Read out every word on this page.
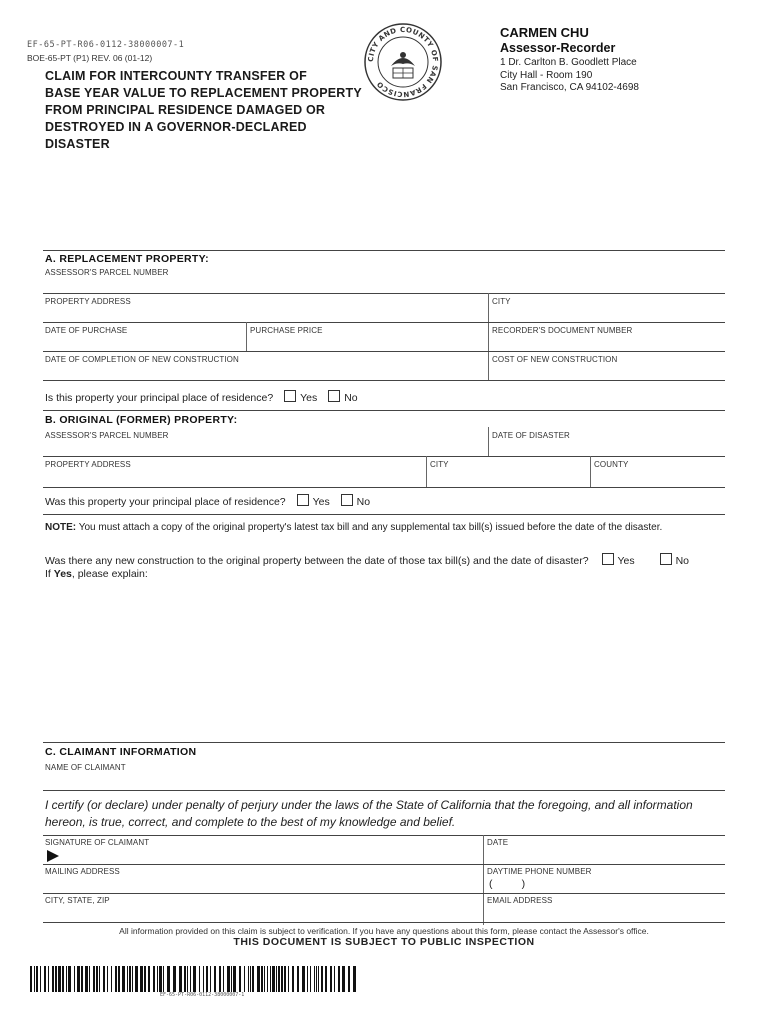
EF-65-PT-R06-0112-38000007-1
BOE-65-PT (P1) REV. 06 (01-12)
CLAIM FOR INTERCOUNTY TRANSFER OF
BASE YEAR VALUE TO REPLACEMENT PROPERTY
FROM PRINCIPAL RESIDENCE DAMAGED OR
DESTROYED IN A GOVERNOR-DECLARED
DISASTER
CITY AND COUNTY OF SAN FRANCISCO
CARMEN CHU
Assessor-Recorder
1 Dr. Carlton B. Goodlett Place
City Hall - Room 190
San Francisco, CA 94102-4698
A. REPLACEMENT PROPERTY:
ASSESSOR'S PARCEL NUMBER
PROPERTY ADDRESS	CITY
DATE OF PURCHASE	PURCHASE PRICE	RECORDER'S DOCUMENT NUMBER
DATE OF COMPLETION OF NEW CONSTRUCTION	COST OF NEW CONSTRUCTION
Is this property your principal place of residence?	Yes	No
B. ORIGINAL (FORMER) PROPERTY:
ASSESSOR'S PARCEL NUMBER	DATE OF DISASTER
PROPERTY ADDRESS	CITY	COUNTY
Was this property your principal place of residence?	Yes	No
NOTE: You must attach a copy of the original property's latest tax bill and any supplemental tax bill(s) issued before the date of the disaster.
Was there any new construction to the original property between the date of those tax bill(s) and the date of disaster?	Yes	No
If Yes, please explain:
C. CLAIMANT INFORMATION
NAME OF CLAIMANT
I certify (or declare) under penalty of perjury under the laws of the State of California that the foregoing, and all information hereon, is true, correct, and complete to the best of my knowledge and belief.
SIGNATURE OF CLAIMANT	DATE
MAILING ADDRESS	DAYTIME PHONE NUMBER
(          )
CITY, STATE, ZIP	EMAIL ADDRESS
All information provided on this claim is subject to verification. If you have any questions about this form, please contact the Assessor's office.
THIS DOCUMENT IS SUBJECT TO PUBLIC INSPECTION
EF-65-PT-R06-0112-38000007-1
